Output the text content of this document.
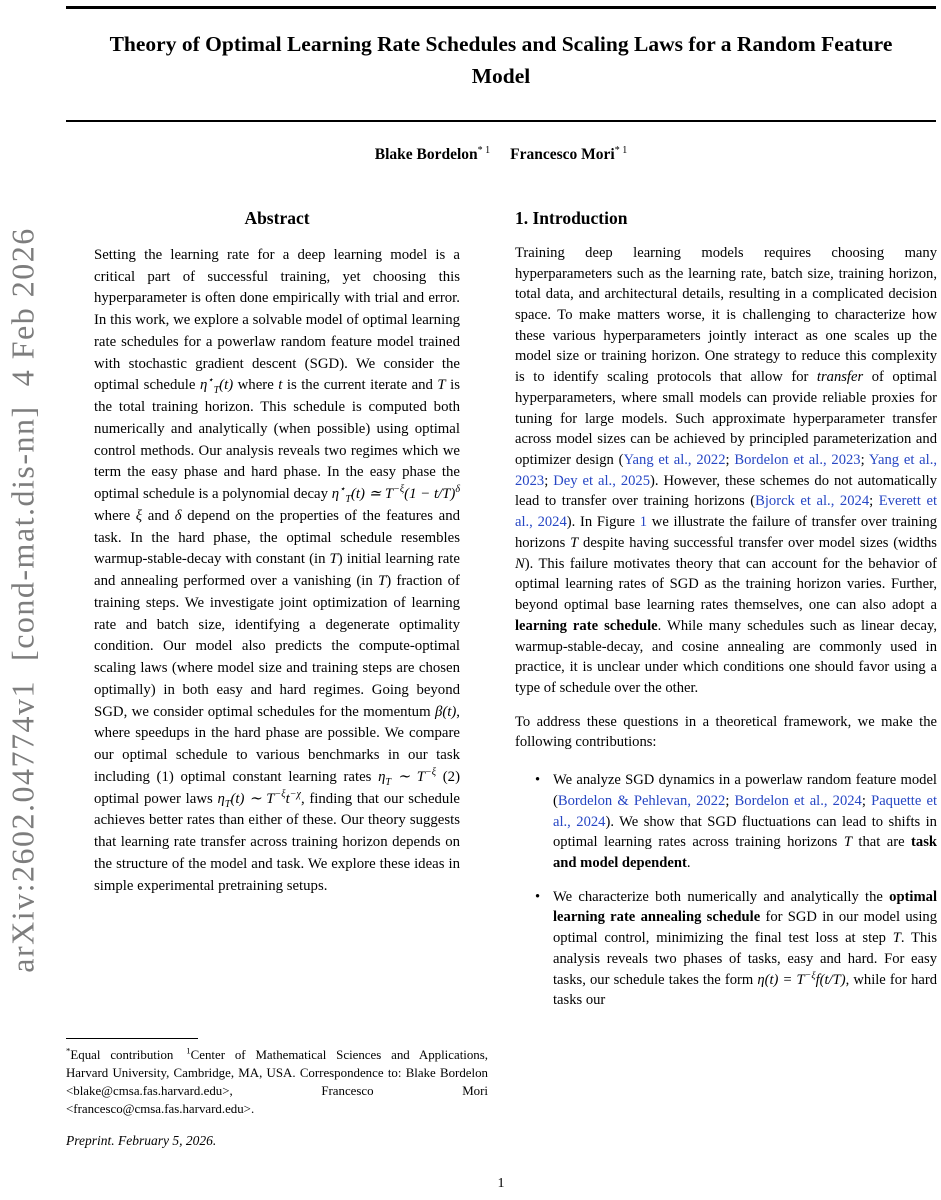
arXiv:2602.04774v1  [cond-mat.dis-nn]  4 Feb 2026
Theory of Optimal Learning Rate Schedules and Scaling Laws for a Random Feature Model
Blake Bordelon$^{* 1}$ Francesco Mori$^{* 1}$
Abstract

Setting the learning rate for a deep learning model is a critical part of successful training, yet choosing this hyperparameter is often done empirically with trial and error. In this work, we explore a solvable model of optimal learning rate schedules for a powerlaw random feature model trained with stochastic gradient descent (SGD). We consider the optimal schedule $\eta^⋆_T(t)$ where t is the current iterate and T is the total training horizon. This schedule is computed both numerically and analytically (when possible) using optimal control methods. Our analysis reveals two regimes which we term the easy phase and hard phase. In the easy phase the optimal schedule is a polynomial decay $\eta^⋆_T(t)$ ≃ $T^{-\xi}(1 - t/T)^\delta$ where ξ and δ depend on the properties of the features and task. In the hard phase, the optimal schedule resembles warmup-stable-decay with constant (in T) initial learning rate and annealing performed over a vanishing (in T) fraction of training steps. We investigate joint optimization of learning rate and batch size, identifying a degenerate optimality condition. Our model also predicts the compute-optimal scaling laws (where model size and training steps are chosen optimally) in both easy and hard regimes. Going beyond SGD, we consider optimal schedules for the momentum β(t), where speedups in the hard phase are possible. We compare our optimal schedule to various benchmarks in our task including (1) optimal constant learning rates $\eta_T$ ∼ $T^{-\xi}$ (2) optimal power laws $\eta_T(t)$ ∼ $T^{-\xi}t^{-\chi}$, finding that our schedule achieves better rates than either of these. Our theory suggests that learning rate transfer across training horizon depends on the structure of the model and task. We explore these ideas in simple experimental pretraining setups.

1. Introduction

Training deep learning models requires choosing many hyperparameters such as the learning rate, batch size, training horizon, total data, and architectural details, resulting in a complicated decision space. To make matters worse, it is challenging to characterize how these various hyperparameters jointly interact as one scales up the model size or training horizon. One strategy to reduce this complexity is to identify scaling protocols that allow for transfer of optimal hyperparameters, where small models can provide reliable proxies for tuning for large models. Such approximate hyperparameter transfer across model sizes can be achieved by principled parameterization and optimizer design (Yang et al., 2022; Bordelon et al., 2023; Yang et al., 2023; Dey et al., 2025). However, these schemes do not automatically lead to transfer over training horizons (Bjorck et al., 2024; Everett et al., 2024). In Figure 1 we illustrate the failure of transfer over training horizons T despite having successful transfer over model sizes (widths N). This failure motivates theory that can account for the behavior of optimal learning rates of SGD as the training horizon varies. Further, beyond optimal base learning rates themselves, one can also adopt a learning rate schedule. While many schedules such as linear decay, warmup-stable-decay, and cosine annealing are commonly used in practice, it is unclear under which conditions one should favor using a type of schedule over the other.

To address these questions in a theoretical framework, we make the following contributions:

• We analyze SGD dynamics in a powerlaw random feature model (Bordelon & Pehlevan, 2022; Bordelon et al., 2024; Paquette et al., 2024). We show that SGD fluctuations can lead to shifts in optimal learning rates across training horizons T that are task and model dependent.
• We characterize both numerically and analytically the optimal learning rate annealing schedule for SGD in our model using optimal control, minimizing the final test loss at step T. This analysis reveals two phases of tasks, easy and hard. For easy tasks, our schedule takes the form $\eta(t) = T^{-\xi}f(t/T)$, while for hard tasks our

*Equal contribution $^1$Center of Mathematical Sciences and Applications, Harvard University, Cambridge, MA, USA. Correspondence to: Blake Bordelon <blake@cmsa.fas.harvard.edu>, Francesco Mori <francesco@cmsa.fas.harvard.edu>.

Preprint. February 5, 2026.

1
